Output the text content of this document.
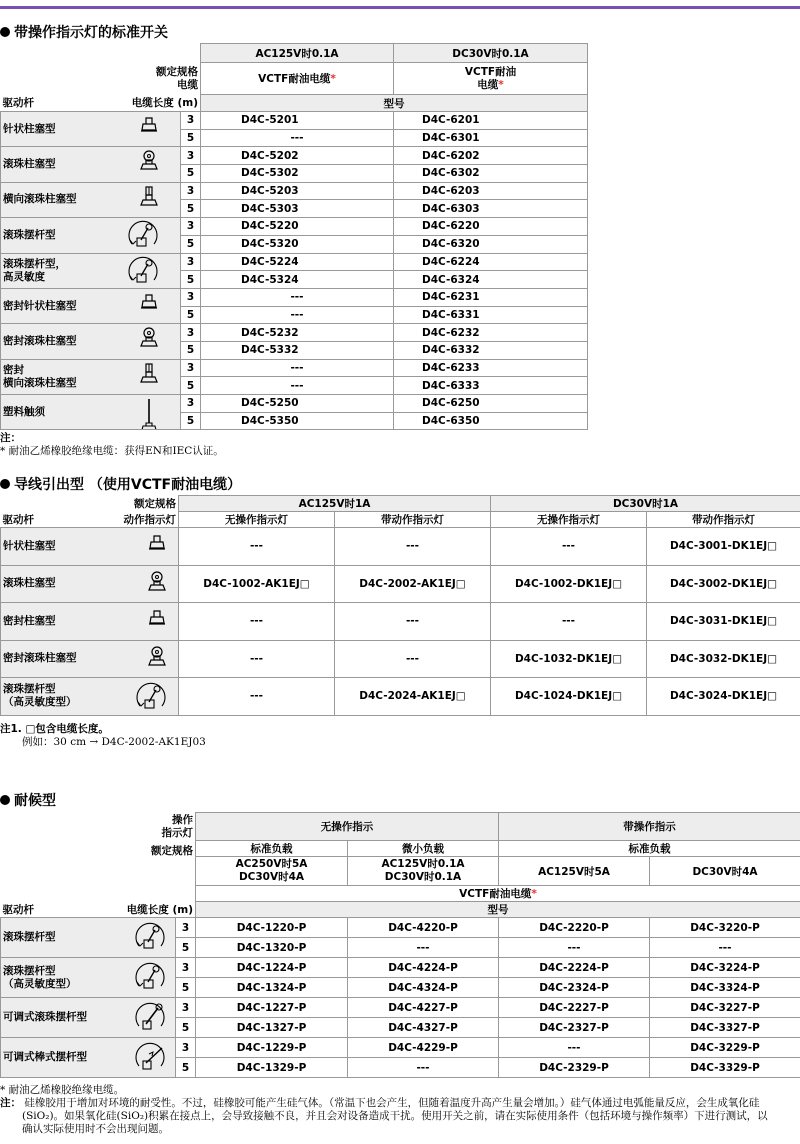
带操作指示灯的标准开关
额定规格
电缆		AC125V时0.1A	DC30V时0.1A
		VCTF耐油电缆*	VCTF耐油
电缆*
驱动杆 电缆长度 (m)		型号	
针状柱塞型	3	D4C-5201	D4C-6201
	5	---	D4C-6301
滚珠柱塞型	3	D4C-5202	D4C-6202
	5	D4C-5302	D4C-6302
横向滚珠柱塞型	3	D4C-5203	D4C-6203
	5	D4C-5303	D4C-6303
滚珠摆杆型	3	D4C-5220	D4C-6220
	5	D4C-5320	D4C-6320
滚珠摆杆型，
高灵敏度	3	D4C-5224	D4C-6224
	5	D4C-5324	D4C-6324
密封针状柱塞型	3	---	D4C-6231
	5	---	D4C-6331
密封滚珠柱塞型	3	D4C-5232	D4C-6232
	5	D4C-5332	D4C-6332
密封
横向滚珠柱塞型	3	---	D4C-6233
	5	---	D4C-6333
塑料触须	3	D4C-5250	D4C-6250
	5	D4C-5350	D4C-6350
注：
* 耐油乙烯橡胶绝缘电缆：获得EN和IEC认证。
导线引出型 （使用VCTF耐油电缆）
额定规格	AC125V时1A		DC30V时1A	
驱动杆 动作指示灯	无操作指示灯	带动作指示灯	无操作指示灯	带动作指示灯
针状柱塞型	---	---	---	D4C-3001-DK1EJ□
滚珠柱塞型	D4C-1002-AK1EJ□	D4C-2002-AK1EJ□	D4C-1002-DK1EJ□	D4C-3002-DK1EJ□
密封柱塞型	---	---	---	D4C-3031-DK1EJ□
密封滚珠柱塞型	---	---	D4C-1032-DK1EJ□	D4C-3032-DK1EJ□
滚珠摆杆型
（高灵敏度型）	---	D4C-2024-AK1EJ□	D4C-1024-DK1EJ□	D4C-3024-DK1EJ□
注1. □包含电缆长度。
例如：30 cm → D4C-2002-AK1EJ03
耐候型
操作
指示灯		无操作指示		带操作指示	
额定规格		标准负载	微小负载	标准负载	
		AC250V时5A
DC30V时4A	AC125V时0.1A
DC30V时0.1A	AC125V时5A	DC30V时4A
		VCTF耐油电缆*			
驱动杆 电缆长度 (m)		型号			
滚珠摆杆型	3	D4C-1220-P	D4C-4220-P	D4C-2220-P	D4C-3220-P
	5	D4C-1320-P	---	---	---
滚珠摆杆型
（高灵敏度型）	3	D4C-1224-P	D4C-4224-P	D4C-2224-P	D4C-3224-P
	5	D4C-1324-P	D4C-4324-P	D4C-2324-P	D4C-3324-P
可调式滚珠摆杆型	3	D4C-1227-P	D4C-4227-P	D4C-2227-P	D4C-3227-P
	5	D4C-1327-P	D4C-4327-P	D4C-2327-P	D4C-3327-P
可调式棒式摆杆型	3	D4C-1229-P	D4C-4229-P	---	D4C-3229-P
	5	D4C-1329-P	---	D4C-2329-P	D4C-3329-P
* 耐油乙烯橡胶绝缘电缆。
注： 硅橡胶用于增加对环境的耐受性。不过，硅橡胶可能产生硅气体。（常温下也会产生，但随着温度升高产生量会增加。）硅气体通过电弧能量反应，会生成氧化硅
(SiO₂)。如果氧化硅(SiO₂)积累在接点上，会导致接触不良，并且会对设备造成干扰。使用开关之前，请在实际使用条件（包括环境与操作频率）下进行测试，以
确认实际使用时不会出现问题。
